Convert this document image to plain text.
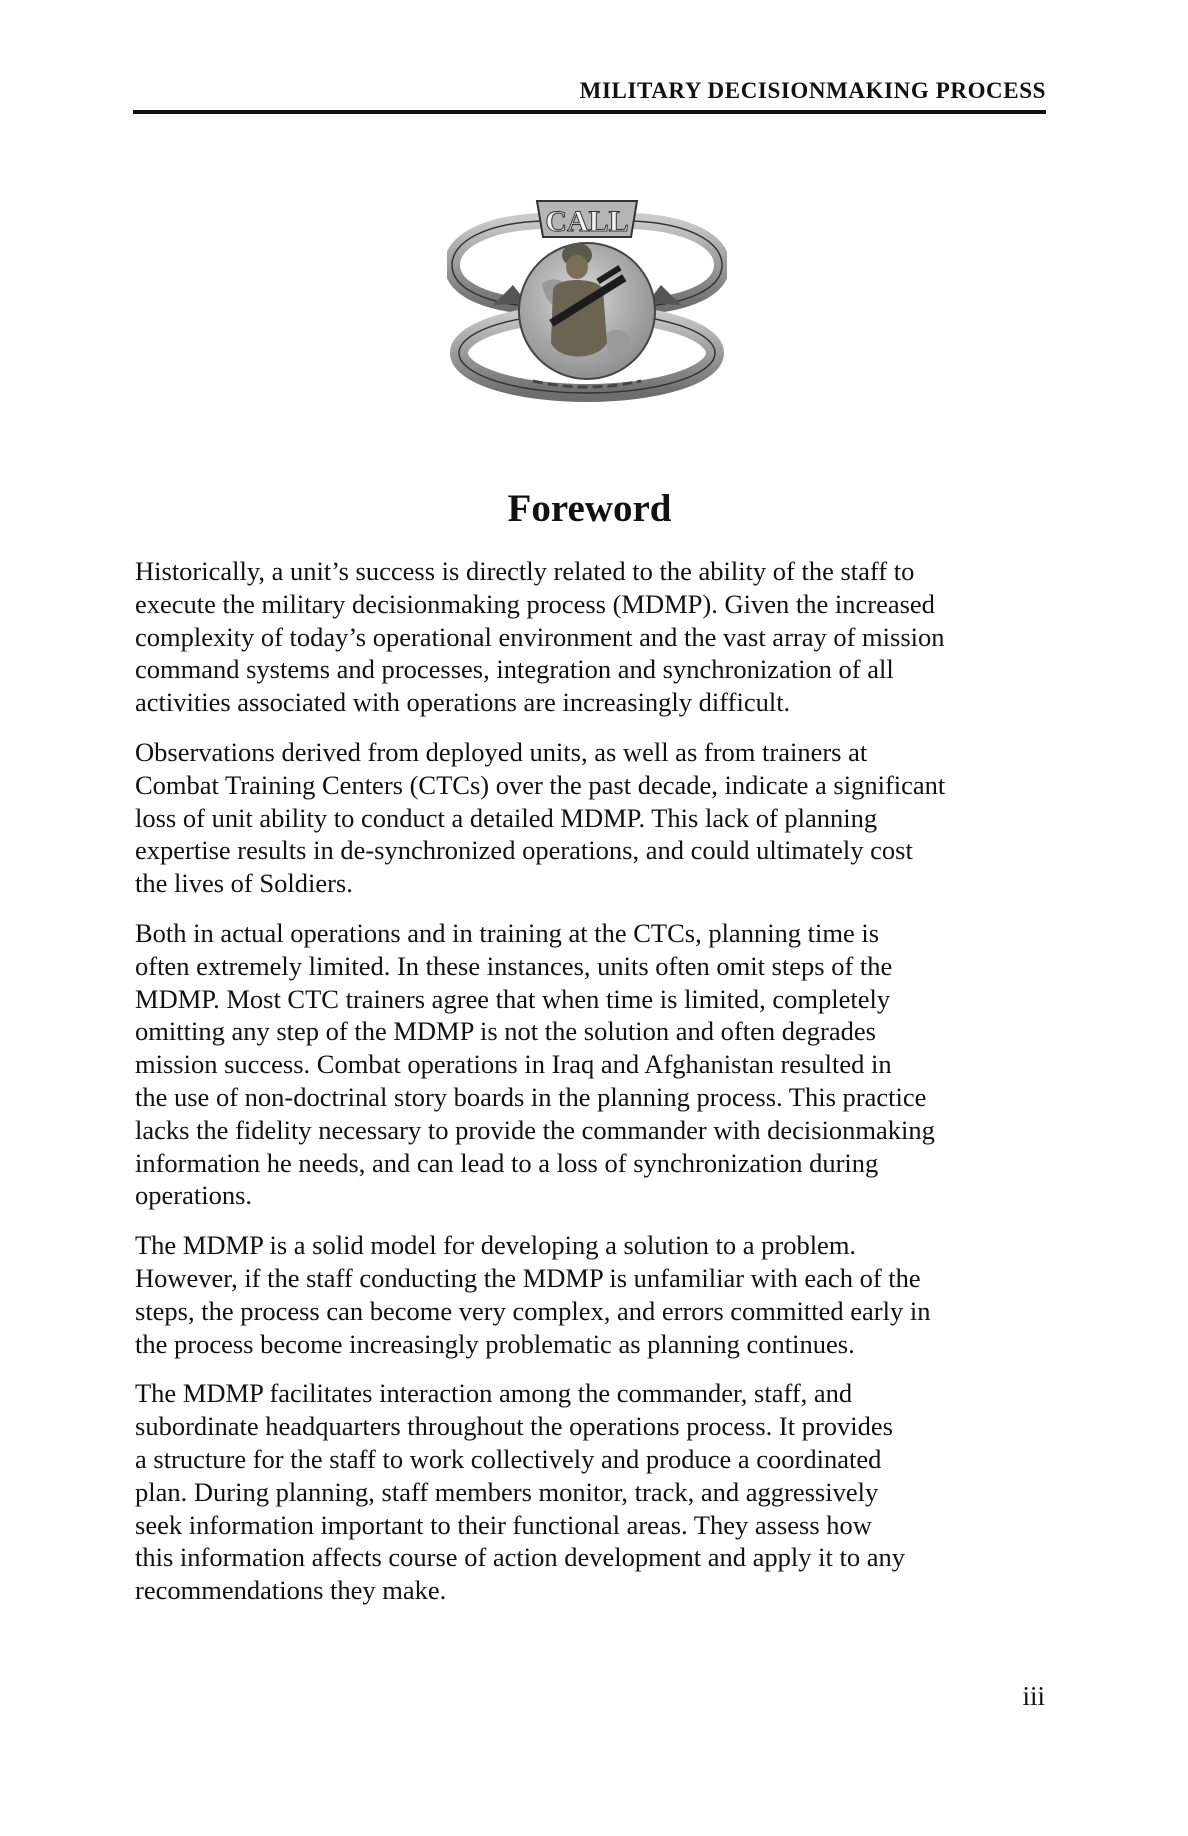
MILITARY DECISIONMAKING PROCESS
CALL
Foreword

Historically, a unit’s success is directly related to the ability of the staff to
execute the military decisionmaking process (MDMP). Given the increased
complexity of today’s operational environment and the vast array of mission
command systems and processes, integration and synchronization of all
activities associated with operations are increasingly difficult.

Observations derived from deployed units, as well as from trainers at
Combat Training Centers (CTCs) over the past decade, indicate a significant
loss of unit ability to conduct a detailed MDMP. This lack of planning
expertise results in de-synchronized operations, and could ultimately cost
the lives of Soldiers.

Both in actual operations and in training at the CTCs, planning time is
often extremely limited. In these instances, units often omit steps of the
MDMP. Most CTC trainers agree that when time is limited, completely
omitting any step of the MDMP is not the solution and often degrades
mission success. Combat operations in Iraq and Afghanistan resulted in
the use of non-doctrinal story boards in the planning process. This practice
lacks the fidelity necessary to provide the commander with decisionmaking
information he needs, and can lead to a loss of synchronization during
operations.

The MDMP is a solid model for developing a solution to a problem.
However, if the staff conducting the MDMP is unfamiliar with each of the
steps, the process can become very complex, and errors committed early in
the process become increasingly problematic as planning continues.

The MDMP facilitates interaction among the commander, staff, and
subordinate headquarters throughout the operations process. It provides
a structure for the staff to work collectively and produce a coordinated
plan. During planning, staff members monitor, track, and aggressively
seek information important to their functional areas. They assess how
this information affects course of action development and apply it to any
recommendations they make.

iii
